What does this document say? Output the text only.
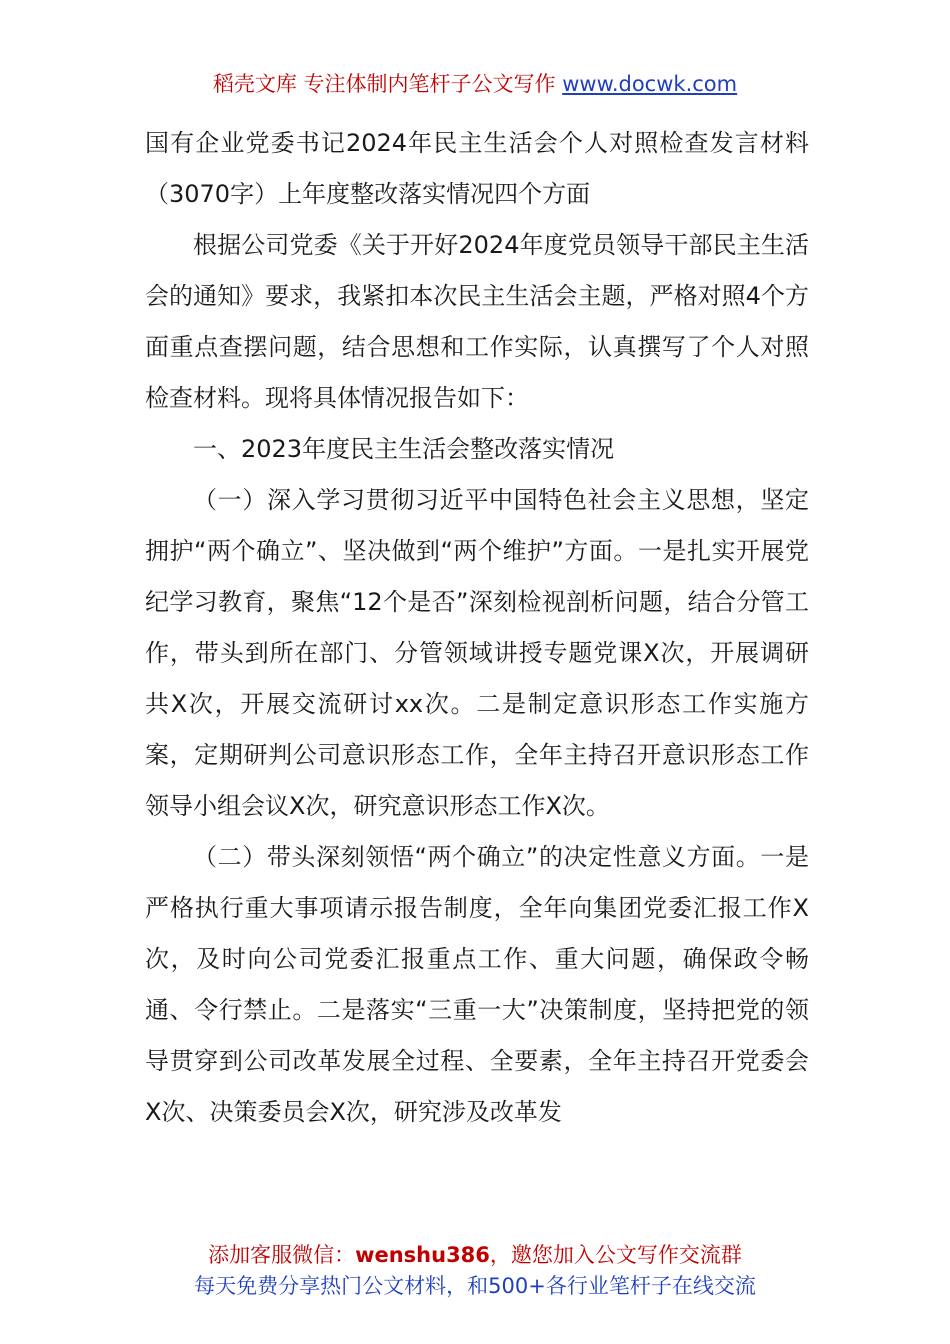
稻壳文库 专注体制内笔杆子公文写作 www.docwk.com

国有企业党委书记2024年民主生活会个人对照检查发言材料（3070字）上年度整改落实情况四个方面

根据公司党委《关于开好2024年度党员领导干部民主生活会的通知》要求，我紧扣本次民主生活会主题，严格对照4个方面重点查摆问题，结合思想和工作实际，认真撰写了个人对照检查材料。现将具体情况报告如下：

一、2023年度民主生活会整改落实情况

（一）深入学习贯彻习近平中国特色社会主义思想，坚定拥护“两个确立”、坚决做到“两个维护”方面。一是扎实开展党纪学习教育，聚焦“12个是否”深刻检视剖析问题，结合分管工作，带头到所在部门、分管领域讲授专题党课X次，开展调研共X次，开展交流研讨xx次。二是制定意识形态工作实施方案，定期研判公司意识形态工作，全年主持召开意识形态工作领导小组会议X次，研究意识形态工作X次。

（二）带头深刻领悟“两个确立”的决定性意义方面。一是严格执行重大事项请示报告制度，全年向集团党委汇报工作X次，及时向公司党委汇报重点工作、重大问题，确保政令畅通、令行禁止。二是落实“三重一大”决策制度，坚持把党的领导贯穿到公司改革发展全过程、全要素，全年主持召开党委会X次、决策委员会X次，研究涉及改革发

添加客服微信：wenshu386，邀您加入公文写作交流群
每天免费分享热门公文材料，和500+各行业笔杆子在线交流
